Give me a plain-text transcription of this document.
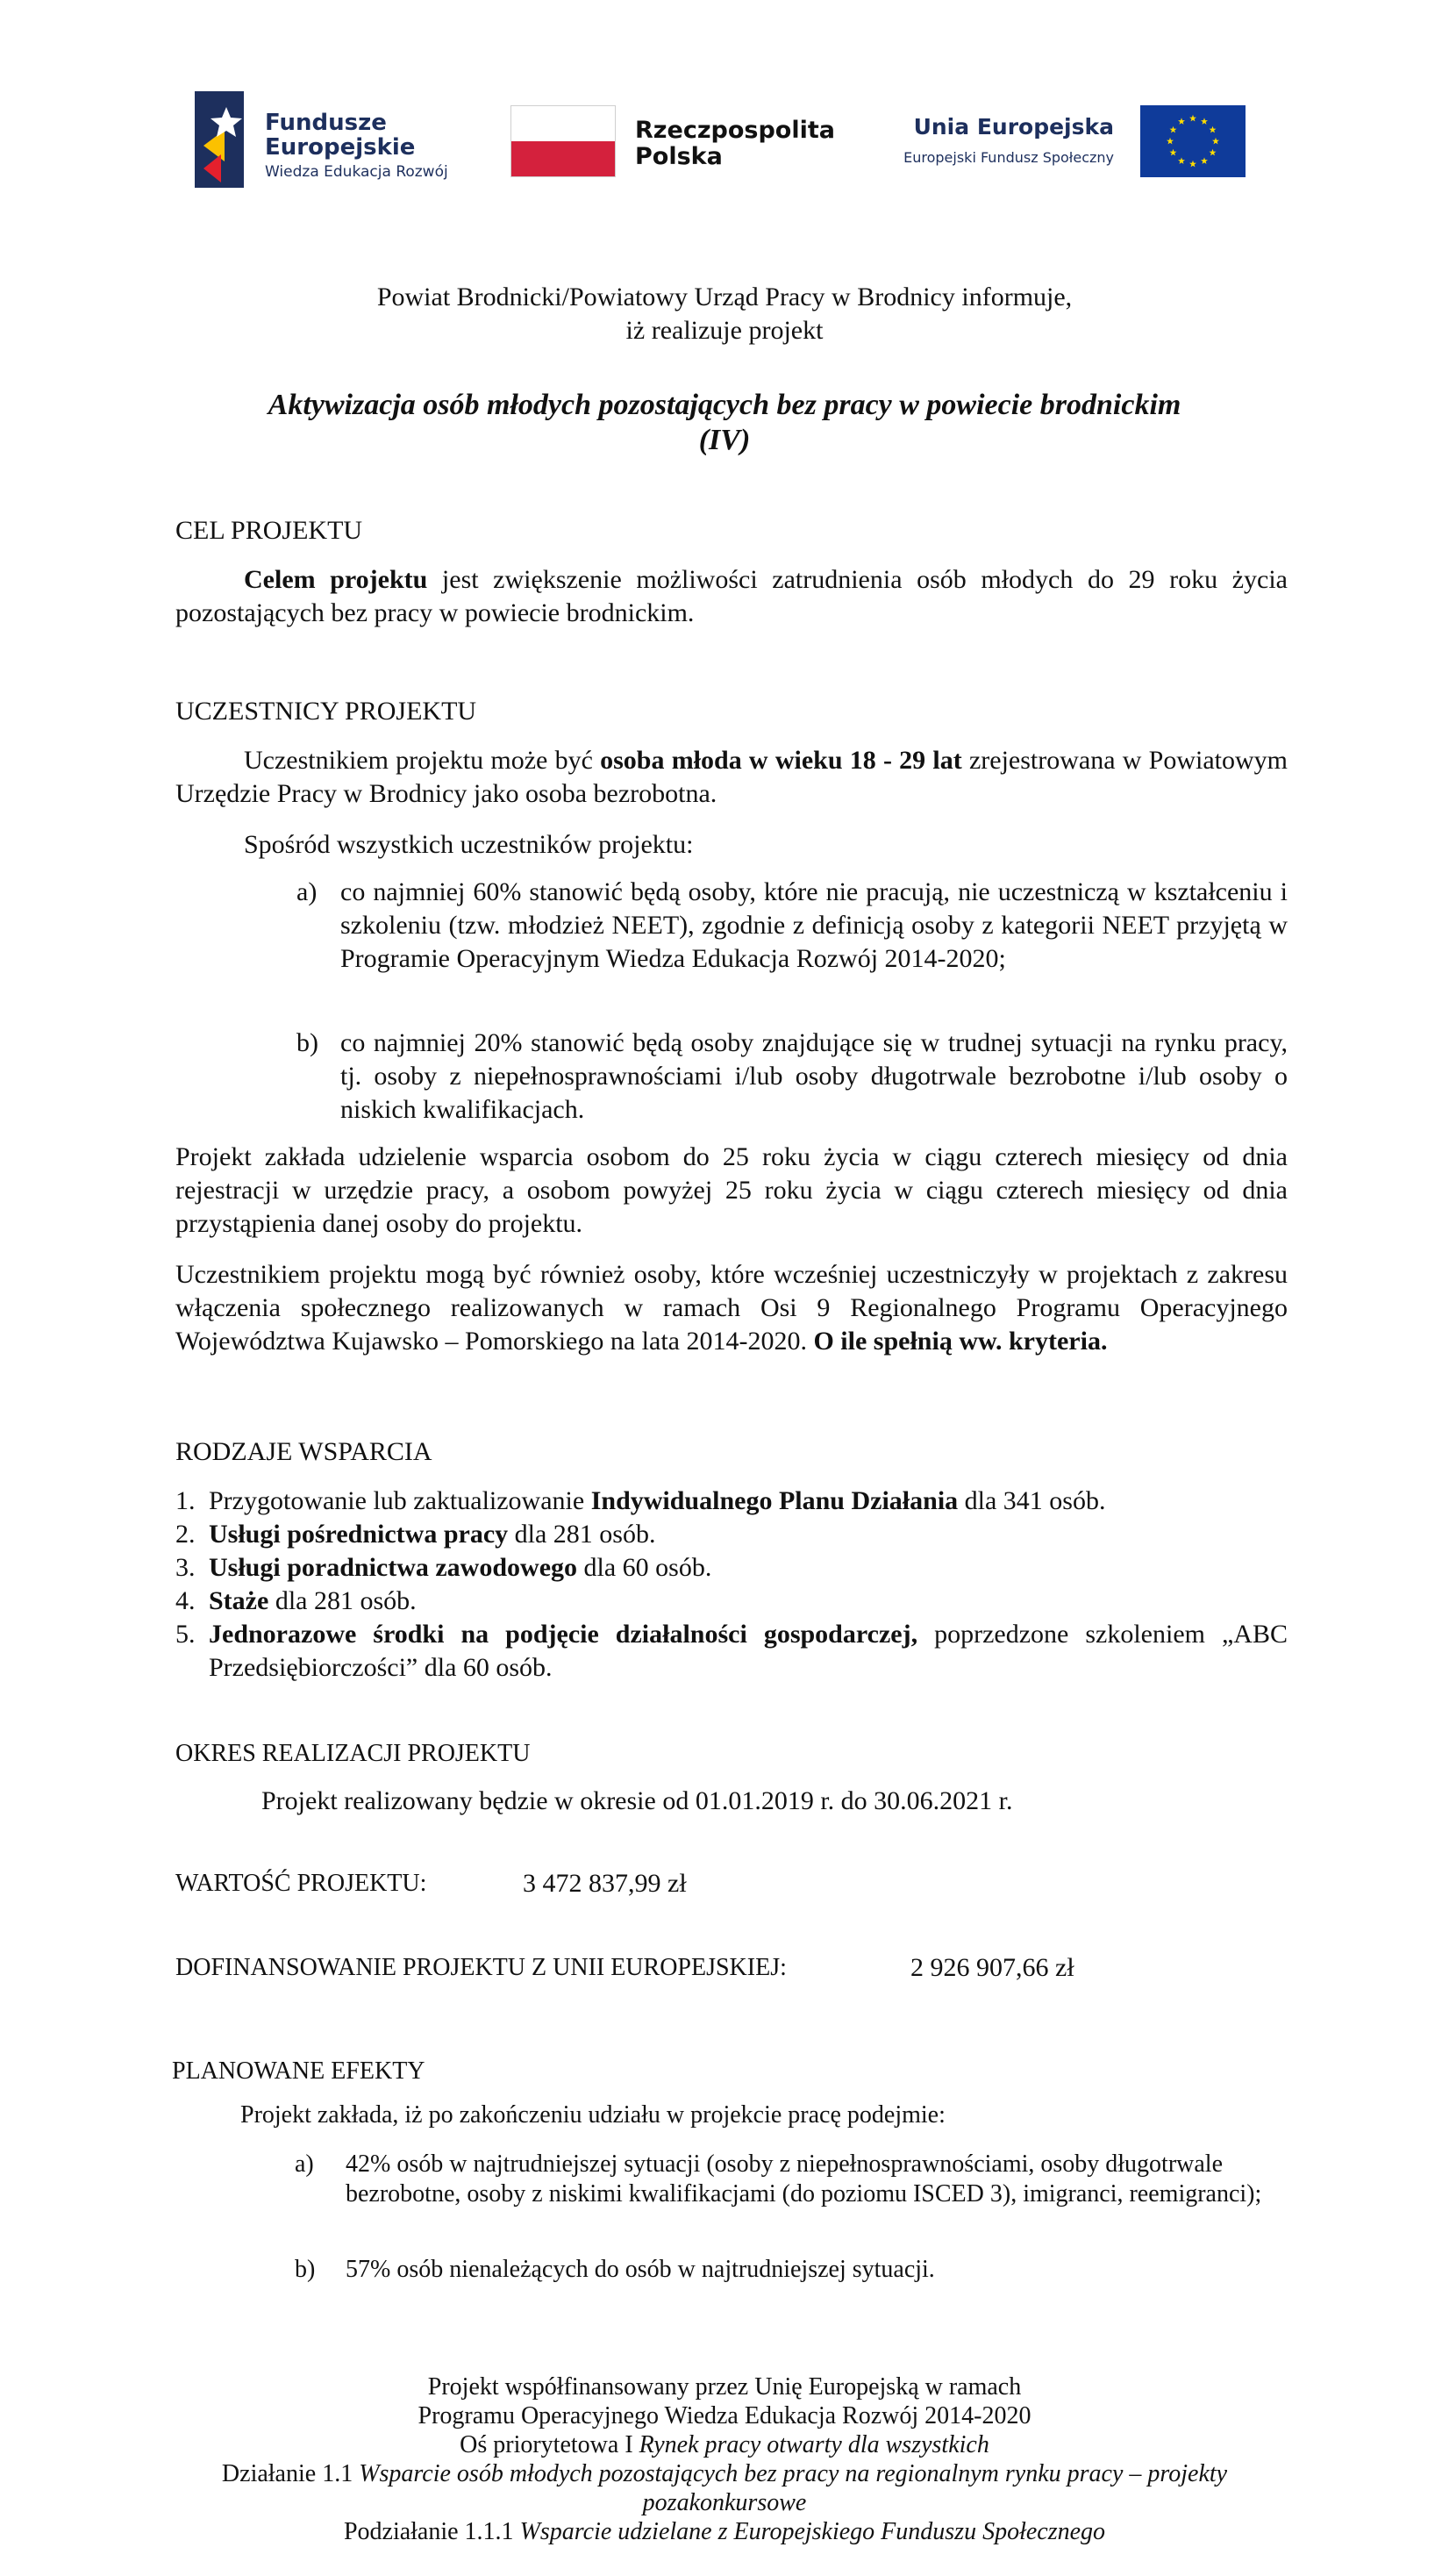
Fundusze
Europejskie
Wiedza Edukacja Rozwój
Rzeczpospolita
Polska
Unia Europejska
Europejski Fundusz Społeczny
Powiat Brodnicki/Powiatowy Urząd Pracy w Brodnicy informuje,
iż realizuje projekt
Aktywizacja osób młodych pozostających bez pracy w powiecie brodnickim
(IV)
CEL PROJEKTU
Celem projektu jest zwiększenie możliwości zatrudnienia osób młodych do 29 roku życia pozostających bez pracy w powiecie brodnickim.
UCZESTNICY PROJEKTU
Uczestnikiem projektu może być osoba młoda w wieku 18 - 29 lat zrejestrowana w Powiatowym Urzędzie Pracy w Brodnicy jako osoba bezrobotna.
Spośród wszystkich uczestników projektu:
a) co najmniej 60% stanowić będą osoby, które nie pracują, nie uczestniczą w kształceniu i szkoleniu (tzw. młodzież NEET), zgodnie z definicją osoby z kategorii NEET przyjętą w Programie Operacyjnym Wiedza Edukacja Rozwój 2014-2020;
b) co najmniej 20% stanowić będą osoby znajdujące się w trudnej sytuacji na rynku pracy, tj. osoby z niepełnosprawnościami i/lub osoby długotrwale bezrobotne i/lub osoby o niskich kwalifikacjach.
Projekt zakłada udzielenie wsparcia osobom do 25 roku życia w ciągu czterech miesięcy od dnia rejestracji w urzędzie pracy, a osobom powyżej 25 roku życia w ciągu czterech miesięcy od dnia przystąpienia danej osoby do projektu.
Uczestnikiem projektu mogą być również osoby, które wcześniej uczestniczyły w projektach z zakresu włączenia społecznego realizowanych w ramach Osi 9 Regionalnego Programu Operacyjnego Województwa Kujawsko – Pomorskiego na lata 2014-2020. O ile spełnią ww. kryteria.
RODZAJE WSPARCIA
1. Przygotowanie lub zaktualizowanie Indywidualnego Planu Działania dla 341 osób.
2. Usługi pośrednictwa pracy dla 281 osób.
3. Usługi poradnictwa zawodowego dla 60 osób.
4. Staże dla 281 osób.
5. Jednorazowe środki na podjęcie działalności gospodarczej, poprzedzone szkoleniem „ABC Przedsiębiorczości” dla 60 osób.
OKRES REALIZACJI PROJEKTU
Projekt realizowany będzie w okresie od 01.01.2019 r. do 30.06.2021 r.
WARTOŚĆ PROJEKTU:	3 472 837,99 zł
DOFINANSOWANIE PROJEKTU Z UNII EUROPEJSKIEJ:	2 926 907,66 zł
PLANOWANE EFEKTY
Projekt zakłada, iż po zakończeniu udziału w projekcie pracę podejmie:
a) 42% osób w najtrudniejszej sytuacji (osoby z niepełnosprawnościami, osoby długotrwale bezrobotne, osoby z niskimi kwalifikacjami (do poziomu ISCED 3), imigranci, reemigranci);
b) 57% osób nienależących do osób w najtrudniejszej sytuacji.
Projekt współfinansowany przez Unię Europejską w ramach
Programu Operacyjnego Wiedza Edukacja Rozwój 2014-2020
Oś priorytetowa I Rynek pracy otwarty dla wszystkich
Działanie 1.1 Wsparcie osób młodych pozostających bez pracy na regionalnym rynku pracy – projekty pozakonkursowe
Podziałanie 1.1.1 Wsparcie udzielane z Europejskiego Funduszu Społecznego
